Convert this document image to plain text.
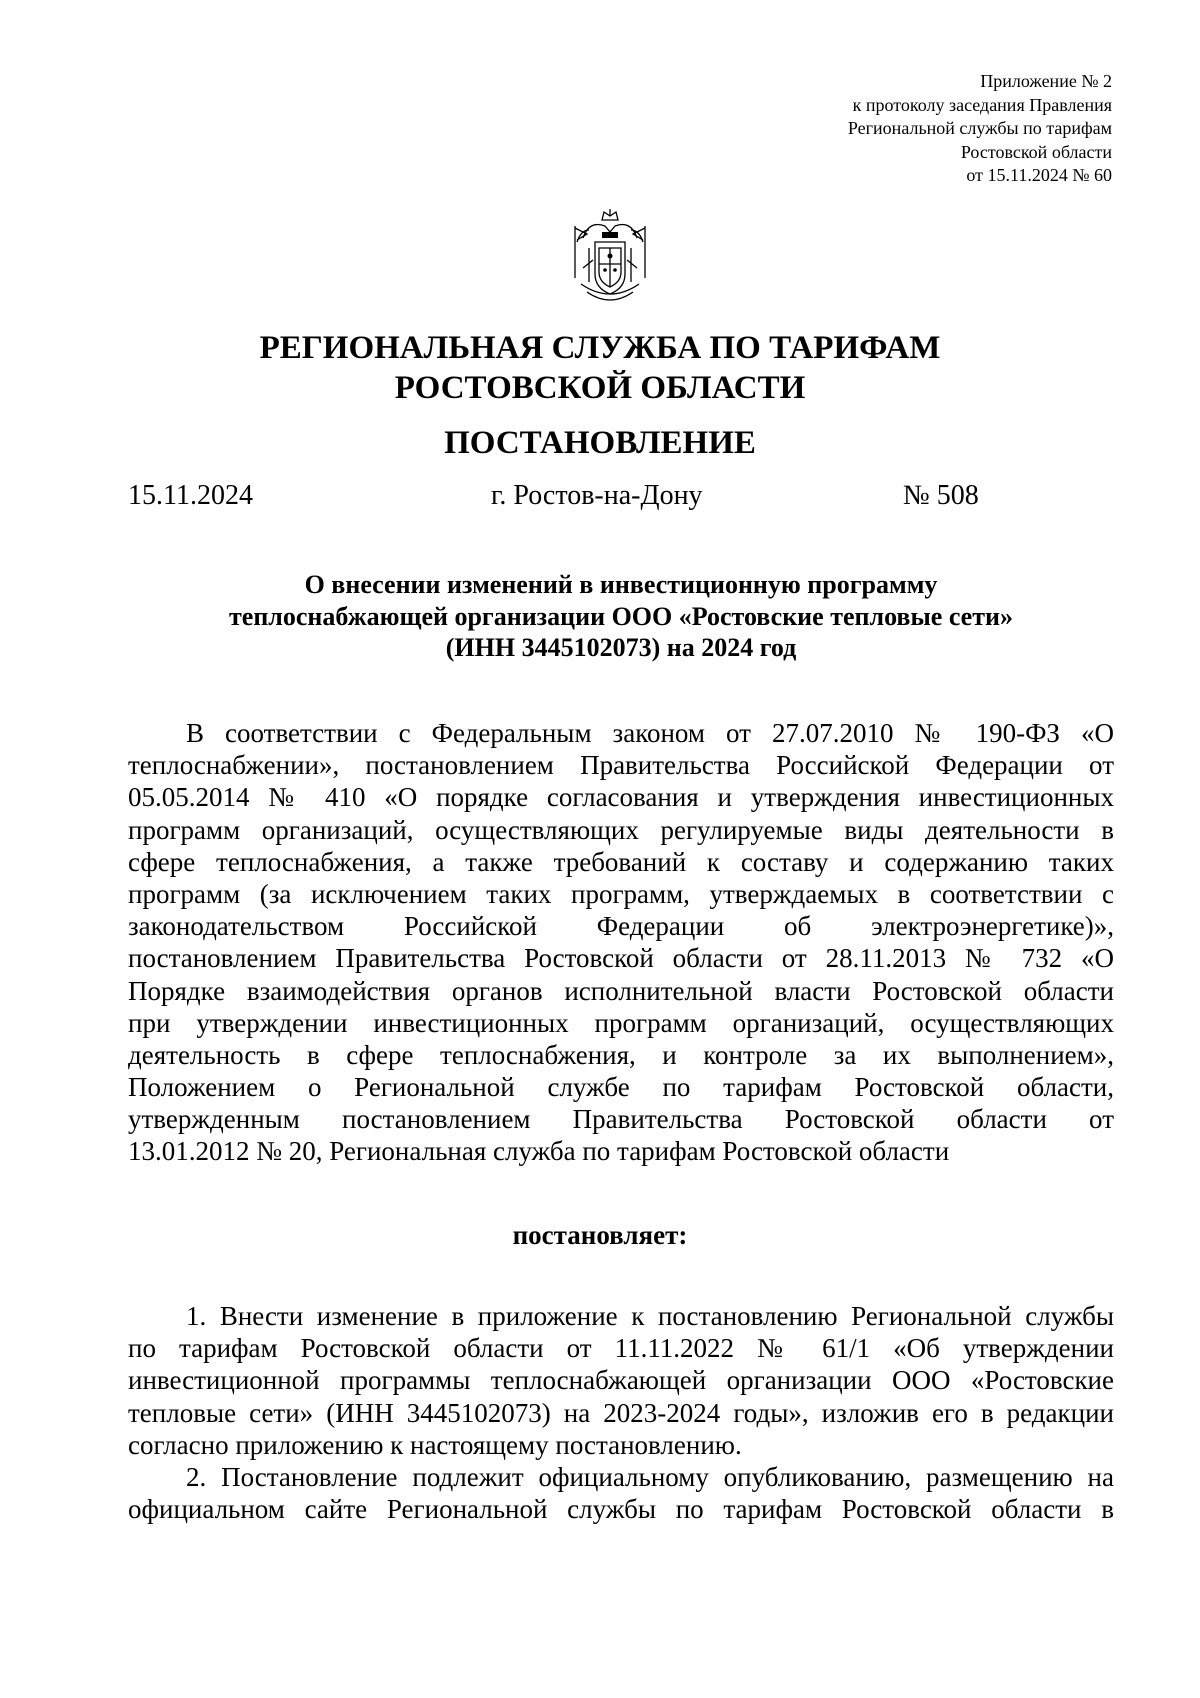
Приложение № 2
к протоколу заседания Правления
Региональной службы по тарифам
Ростовской области
от 15.11.2024 № 60
РЕГИОНАЛЬНАЯ СЛУЖБА ПО ТАРИФАМ
РОСТОВСКОЙ ОБЛАСТИ
ПОСТАНОВЛЕНИЕ
15.11.2024	г. Ростов-на-Дону	№ 508
О внесении изменений в инвестиционную программу
теплоснабжающей организации ООО «Ростовские тепловые сети»
(ИНН 3445102073) на 2024 год
В соответствии с Федеральным законом от 27.07.2010 № 190-ФЗ «О
теплоснабжении», постановлением Правительства Российской Федерации от
05.05.2014 № 410 «О порядке согласования и утверждения инвестиционных
программ организаций, осуществляющих регулируемые виды деятельности в
сфере теплоснабжения, а также требований к составу и содержанию таких
программ (за исключением таких программ, утверждаемых в соответствии с
законодательством Российской Федерации об электроэнергетике)»,
постановлением Правительства Ростовской области от 28.11.2013 № 732 «О
Порядке взаимодействия органов исполнительной власти Ростовской области
при утверждении инвестиционных программ организаций, осуществляющих
деятельность в сфере теплоснабжения, и контроле за их выполнением»,
Положением о Региональной службе по тарифам Ростовской области,
утвержденным постановлением Правительства Ростовской области от
13.01.2012 № 20, Региональная служба по тарифам Ростовской области
постановляет:
1. Внести изменение в приложение к постановлению Региональной службы
по тарифам Ростовской области от 11.11.2022 № 61/1 «Об утверждении
инвестиционной программы теплоснабжающей организации ООО «Ростовские
тепловые сети» (ИНН 3445102073) на 2023-2024 годы», изложив его в редакции
согласно приложению к настоящему постановлению.
2. Постановление подлежит официальному опубликованию, размещению на
официальном сайте Региональной службы по тарифам Ростовской области в
